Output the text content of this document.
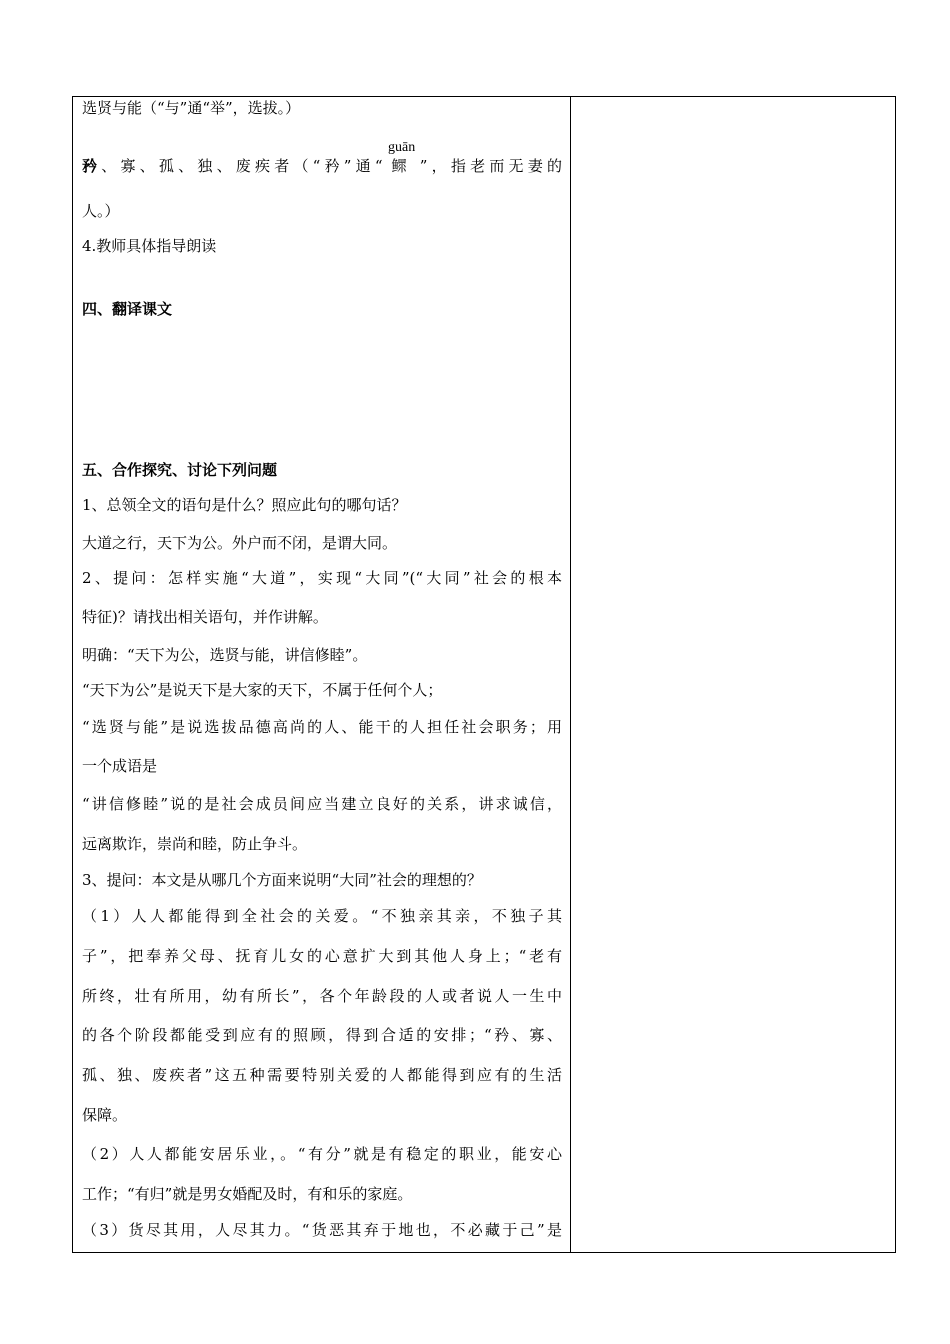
选贤与能（“与”通“举”，选拔。）
guān
矜、寡、孤、独、废疾者（“矜”通“ 鳏 ”，指老而无妻的
人。）
4.教师具体指导朗读
四、翻译课文
五、合作探究、讨论下列问题
1、总领全文的语句是什么？照应此句的哪句话？
大道之行，天下为公。外户而不闭，是谓大同。
2、提问：怎样实施“大道”，实现“大同”(“大同”社会的根本
特征)？请找出相关语句，并作讲解。
明确：“天下为公，选贤与能，讲信修睦”。
“天下为公”是说天下是大家的天下，不属于任何个人；
“选贤与能”是说选拔品德高尚的人、能干的人担任社会职务；用
一个成语是
“讲信修睦”说的是社会成员间应当建立良好的关系，讲求诚信，
远离欺诈，崇尚和睦，防止争斗。
3、提问：本文是从哪几个方面来说明“大同”社会的理想的？
（1）人人都能得到全社会的关爱。“不独亲其亲，不独子其
子”，把奉养父母、抚育儿女的心意扩大到其他人身上；“老有
所终，壮有所用，幼有所长”，各个年龄段的人或者说人一生中
的各个阶段都能受到应有的照顾，得到合适的安排；“矜、寡、
孤、独、废疾者”这五种需要特别关爱的人都能得到应有的生活
保障。
（2）人人都能安居乐业，。“有分”就是有稳定的职业，能安心
工作；“有归”就是男女婚配及时，有和乐的家庭。
（3）货尽其用，人尽其力。“货恶其弃于地也，不必藏于己”是
